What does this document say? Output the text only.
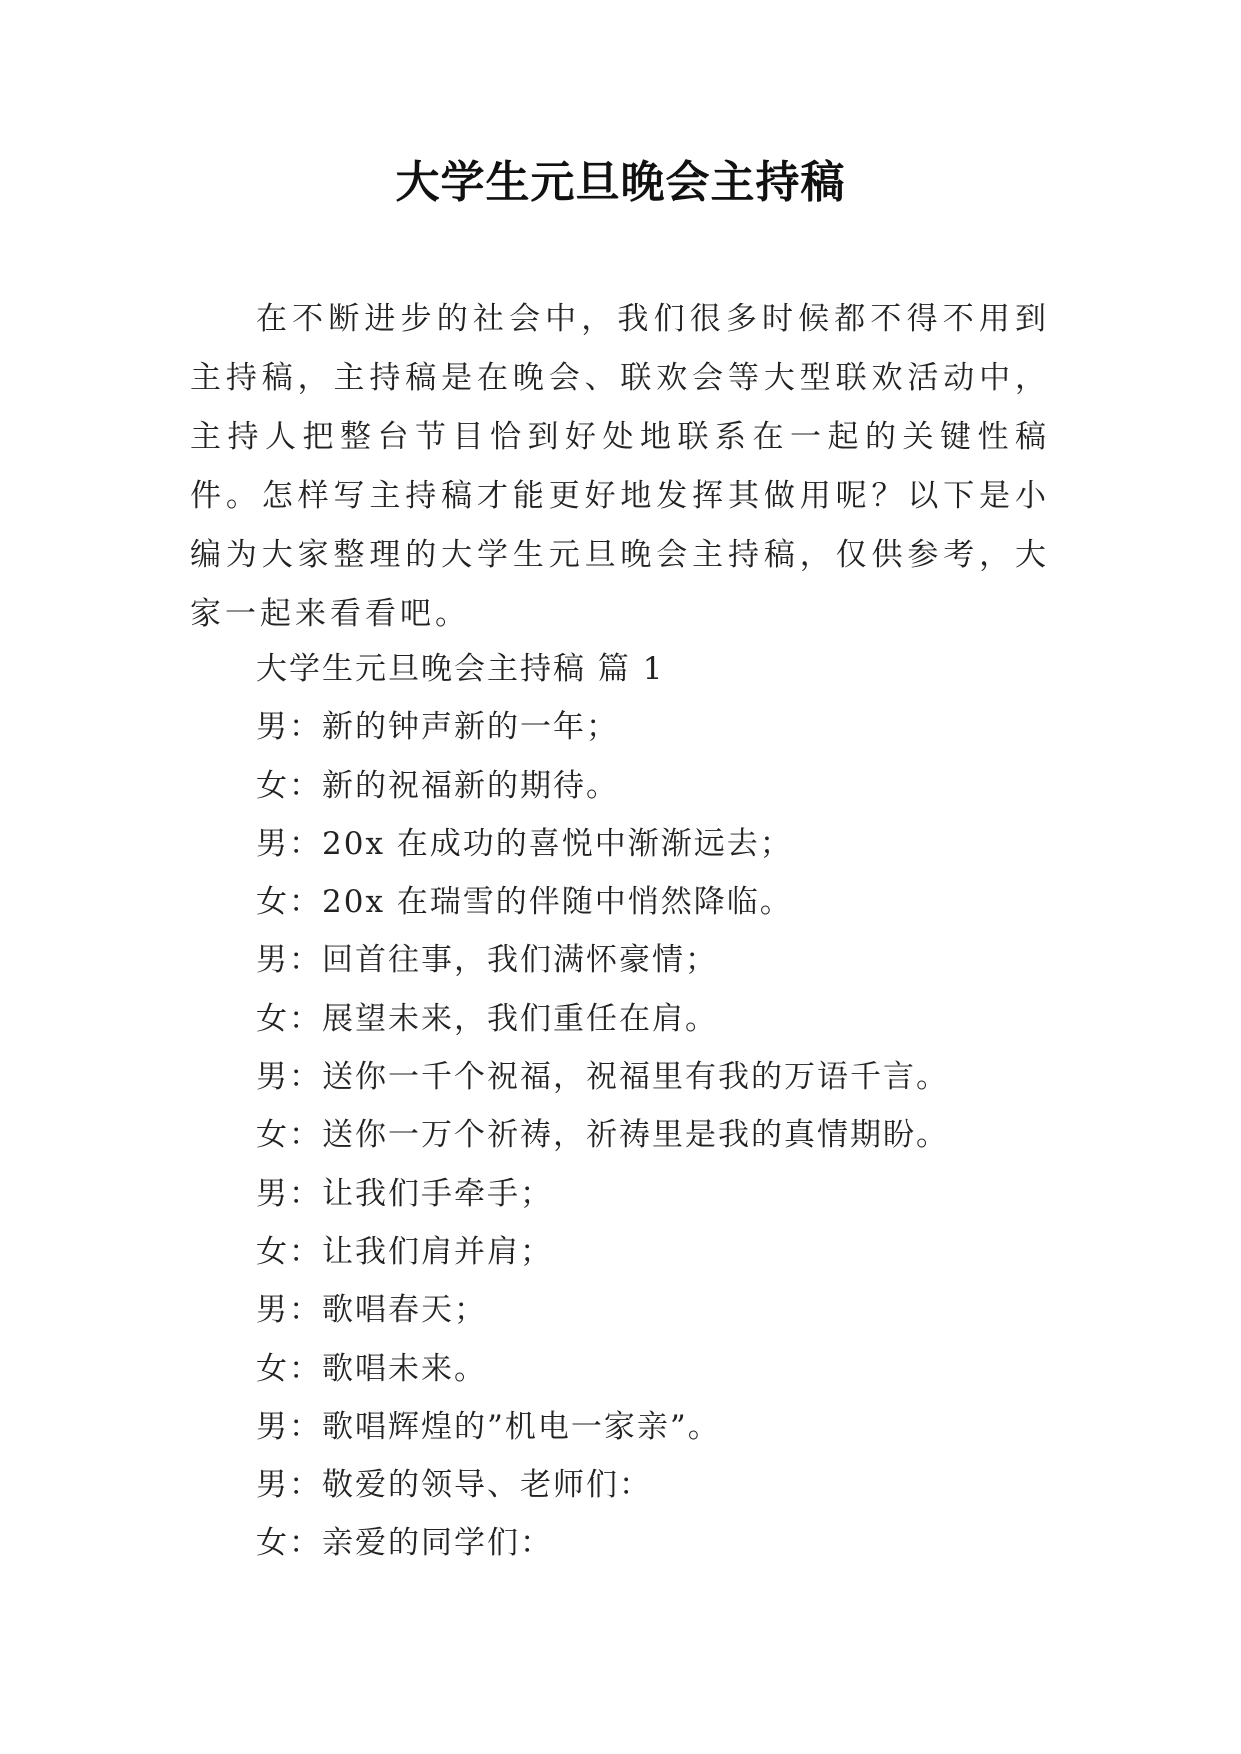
大学生元旦晚会主持稿

在不断进步的社会中，我们很多时候都不得不用到主持稿，主持稿是在晚会、联欢会等大型联欢活动中，主持人把整台节目恰到好处地联系在一起的关键性稿件。怎样写主持稿才能更好地发挥其做用呢？以下是小编为大家整理的大学生元旦晚会主持稿，仅供参考，大家一起来看看吧。

大学生元旦晚会主持稿 篇 1
男：新的钟声新的一年；
女：新的祝福新的期待。
男：20x 在成功的喜悦中渐渐远去；
女：20x 在瑞雪的伴随中悄然降临。
男：回首往事，我们满怀豪情；
女：展望未来，我们重任在肩。
男：送你一千个祝福，祝福里有我的万语千言。
女：送你一万个祈祷，祈祷里是我的真情期盼。
男：让我们手牵手；
女：让我们肩并肩；
男：歌唱春天；
女：歌唱未来。
男：歌唱辉煌的”机电一家亲”。
男：敬爱的领导、老师们：
女：亲爱的同学们：
